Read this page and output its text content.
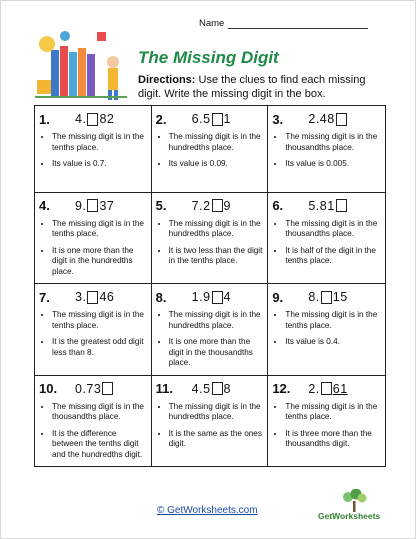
Name
The Missing Digit
Directions: Use the clues to find each missing digit. Write the missing digit in the box.
1.	4. 82
• The missing digit is in the tenths place.
• Its value is 0.7.
2.	6.5 1
• The missing digit is in the hundredths place.
• Its value is 0.09.
3.	2.48
• The missing digit is in the thousandths place.
• Its value is 0.005.
4.	9. 37
• The missing digit is in the tenths place.
• It is one more than the digit in the hundredths place.
5.	7.2 9
• The missing digit is in the hundredths place.
• It is two less than the digit in the tenths place.
6.	5.81
• The missing digit is in the thousandths place.
• It is half of the digit in the tenths place.
7.	3. 46
• The missing digit is in the tenths place.
• It is the greatest odd digit less than 8.
8.	1.9 4
• The missing digit is in the hundredths place.
• It is one more than the digit in the thousandths place.
9.	8. 15
• The missing digit is in the tenths place.
• Its value is 0.4.
10.	0.73
• The missing digit is in the thousandths place.
• It is the difference between the tenths digit and the hundredths digit.
11.	4.5 8
• The missing digit is in the hundredths place.
• It is the same as the ones digit.
12.	2. 61
• The missing digit is in the tenths place.
• It is three more than the thousandths digit.
© GetWorksheets.com	GetWorksheets
